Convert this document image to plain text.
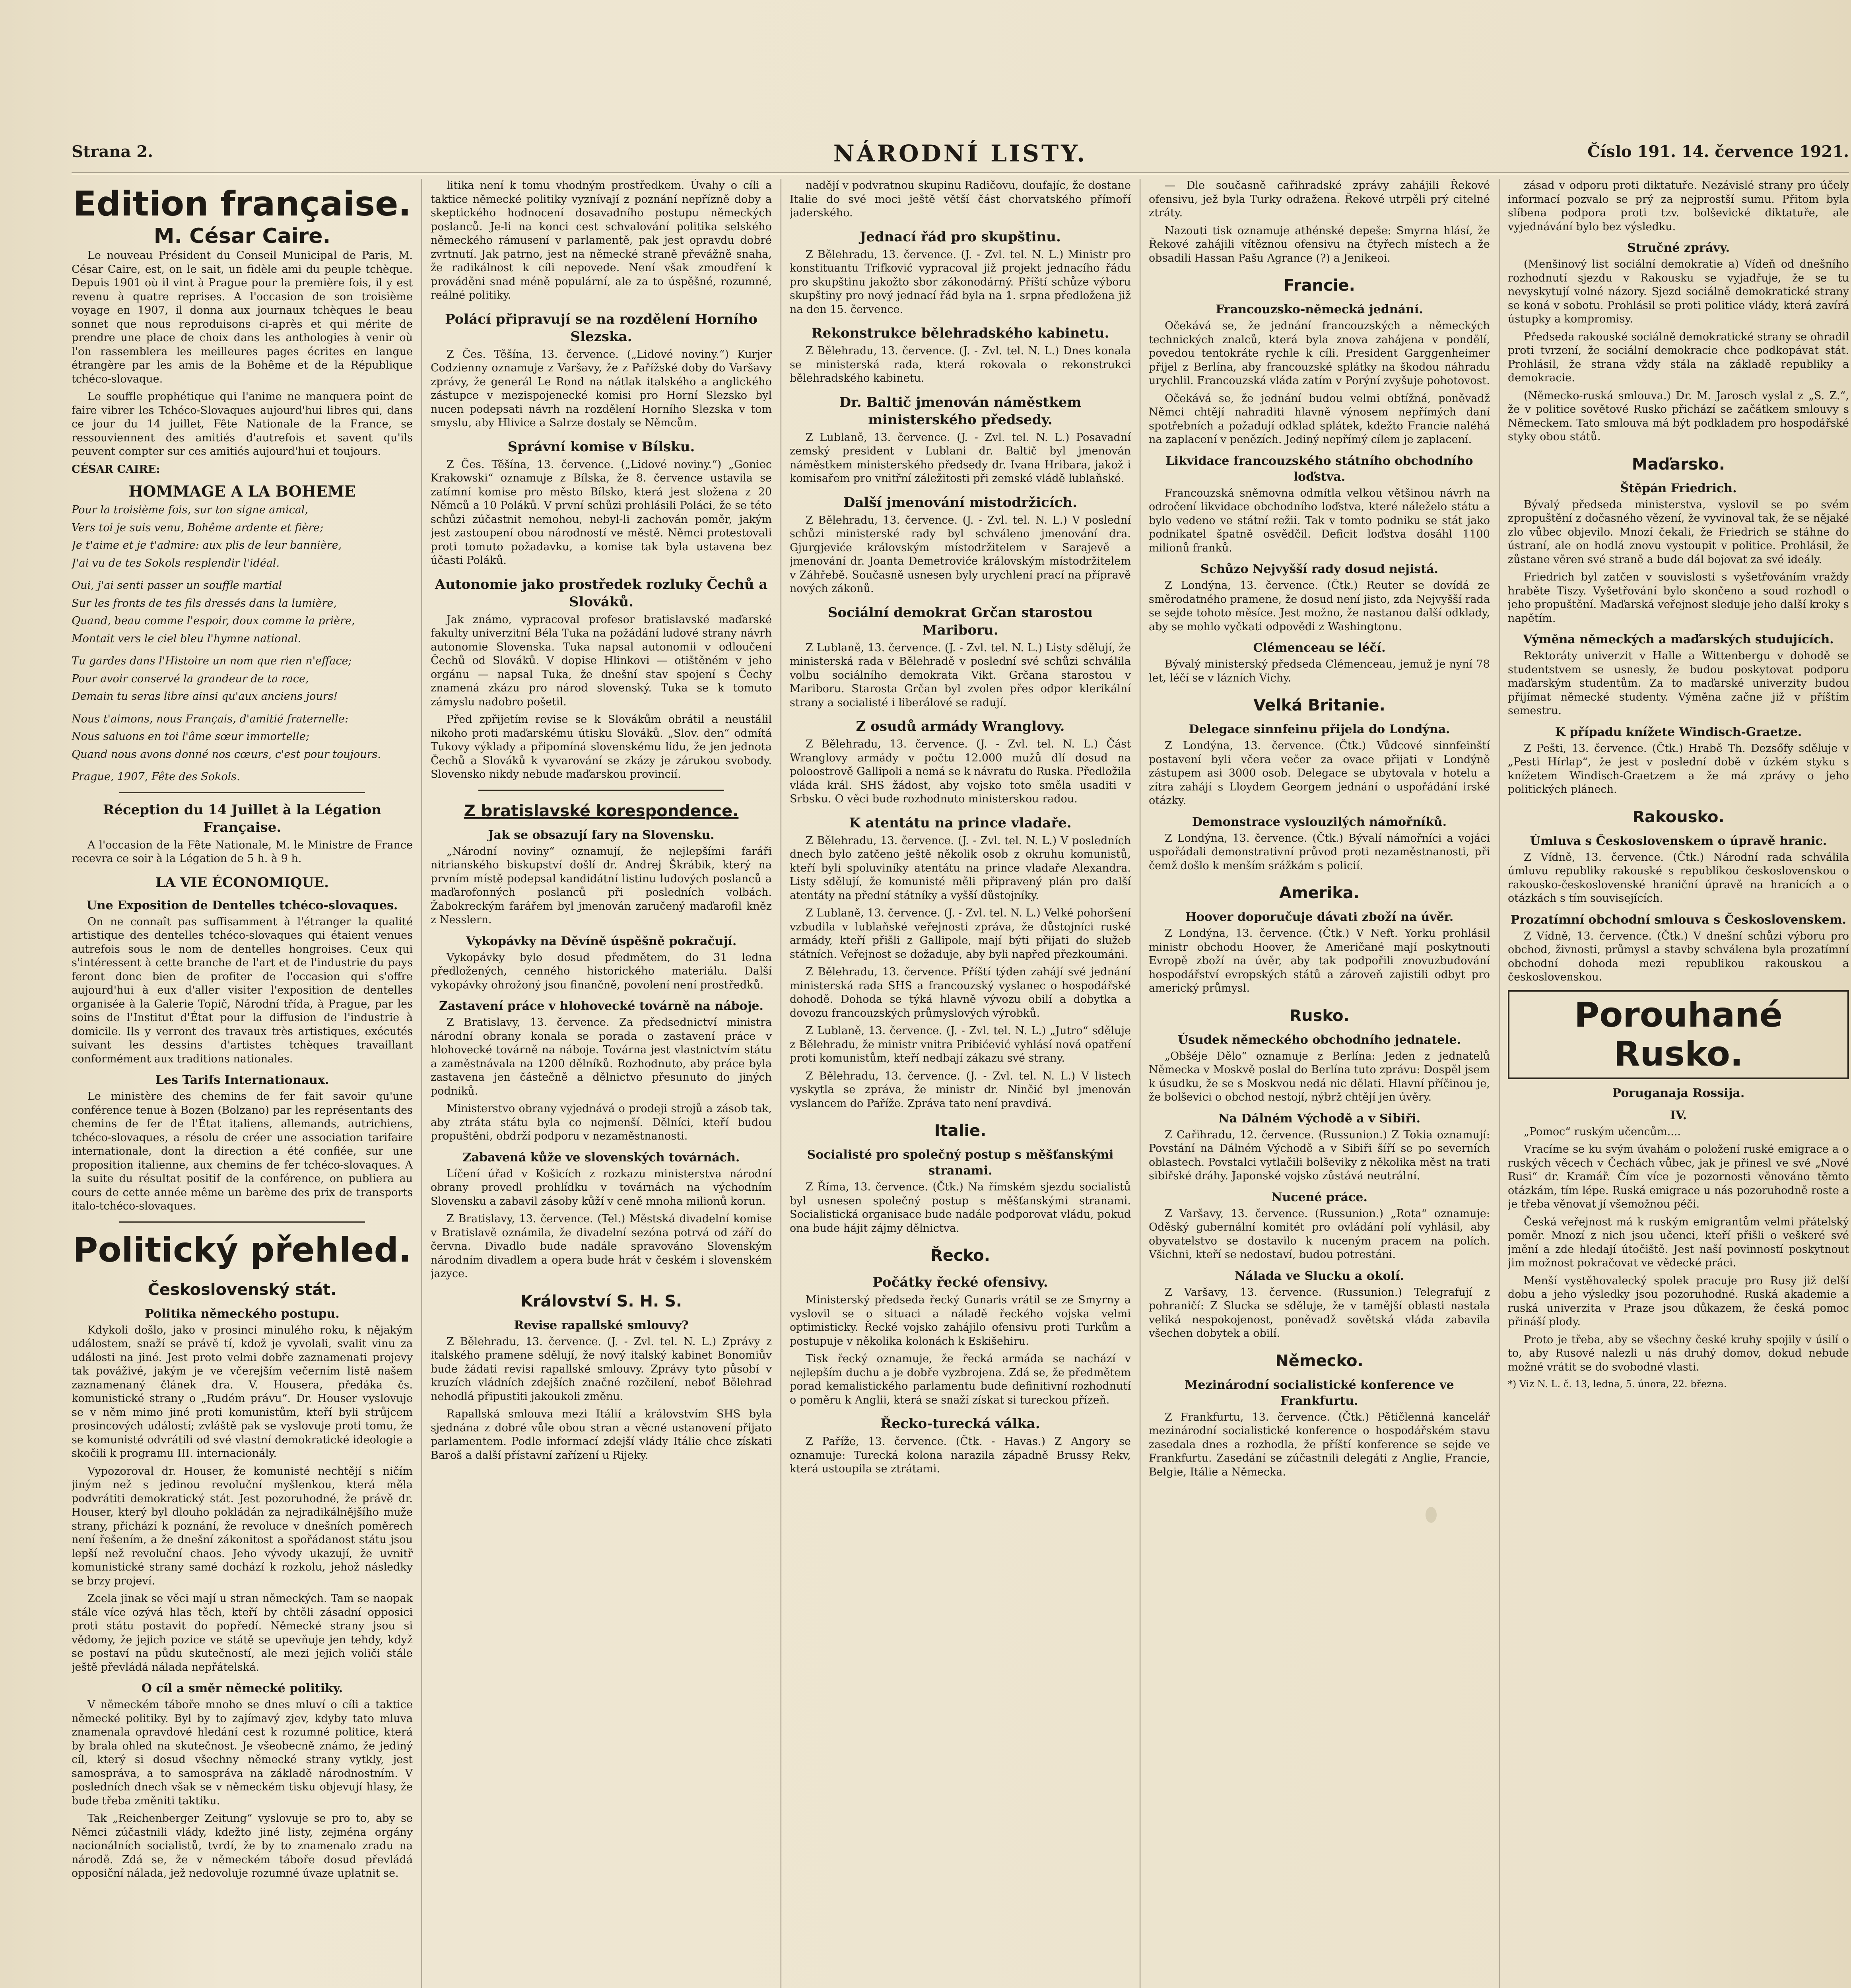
Strana 2.	NÁRODNÍ LISTY.	Číslo 191. 14. července 1921.
Edition française.
M. César Caire.

Le nouveau Président du Conseil Municipal de Paris, M. César Caire, est, on le sait, un fidèle ami du peuple tchèque. Depuis 1901 où il vint à Prague pour la première fois, il y est revenu à quatre reprises. A l'occasion de son troisième voyage en 1907, il donna aux journaux tchèques le beau sonnet que nous reproduisons ci-après et qui mérite de prendre une place de choix dans les anthologies à venir où l'on rassemblera les meilleures pages écrites en langue étrangère par les amis de la Bohême et de la République tchéco-slovaque.

Le souffle prophétique qui l'anime ne manquera point de faire vibrer les Tchéco-Slovaques aujourd'hui libres qui, dans ce jour du 14 juillet, Fête Nationale de la France, se ressouviennent des amitiés d'autrefois et savent qu'ils peuvent compter sur ces amitiés aujourd'hui et toujours.

CÉSAR CAIRE:

HOMMAGE A LA BOHEME

Pour la troisième fois, sur ton signe amical,

Vers toi je suis venu, Bohême ardente et fière;

Je t'aime et je t'admire: aux plis de leur bannière,

J'ai vu de tes Sokols resplendir l'idéal.

Oui, j'ai senti passer un souffle martial

Sur les fronts de tes fils dressés dans la lumière,

Quand, beau comme l'espoir, doux comme la prière,

Montait vers le ciel bleu l'hymne national.

Tu gardes dans l'Histoire un nom que rien n'efface;

Pour avoir conservé la grandeur de ta race,

Demain tu seras libre ainsi qu'aux anciens jours!

Nous t'aimons, nous Français, d'amitié fraternelle:

Nous saluons en toi l'âme sœur immortelle;

Quand nous avons donné nos cœurs, c'est pour toujours.

Prague, 1907, Fête des Sokols.

Réception du 14 Juillet à la Légation Française.

A l'occasion de la Fête Nationale, M. le Ministre de France recevra ce soir à la Légation de 5 h. à 9 h.

LA VIE ÉCONOMIQUE.
Une Exposition de Dentelles tchéco-slovaques.

On ne connaît pas suffisamment à l'étranger la qualité artistique des dentelles tchéco-slovaques qui étaient venues autrefois sous le nom de dentelles hongroises. Ceux qui s'intéressent à cette branche de l'art et de l'industrie du pays feront donc bien de profiter de l'occasion qui s'offre aujourd'hui à eux d'aller visiter l'exposition de dentelles organisée à la Galerie Topič, Národní třída, à Prague, par les soins de l'Institut d'État pour la diffusion de l'industrie à domicile. Ils y verront des travaux très artistiques, exécutés suivant les dessins d'artistes tchèques travaillant conformément aux traditions nationales.

Les Tarifs Internationaux.

Le ministère des chemins de fer fait savoir qu'une conférence tenue à Bozen (Bolzano) par les représentants des chemins de fer de l'État italiens, allemands, autrichiens, tchéco-slovaques, a résolu de créer une association tarifaire internationale, dont la direction a été confiée, sur une proposition italienne, aux chemins de fer tchéco-slovaques. A la suite du résultat positif de la conférence, on publiera au cours de cette année même un barème des prix de transports italo-tchéco-slovaques.

Politický přehled.
Československý stát.
Politika německého postupu.

Kdykoli došlo, jako v prosinci minulého roku, k nějakým událostem, snaží se právě tí, kdož je vyvolali, svalit vinu za události na jiné. Jest proto velmi dobře zaznamenati projevy tak pováživé, jakým je ve včerejším večerním listě našem zaznamenaný článek dra. V. Housera, předáka čs. komunistické strany o „Rudém právu“. Dr. Houser vyslovuje se v něm mimo jiné proti komunistům, kteří byli strůjcem prosincových událostí; zvláště pak se vyslovuje proti tomu, že se komunisté odvrátili od své vlastní demokratické ideologie a skočili k programu III. internacionály.

Vypozoroval dr. Houser, že komunisté nechtějí s ničím jiným než s jedinou revoluční myšlenkou, která měla podvrátiti demokratický stát. Jest pozoruhodné, že právě dr. Houser, který byl dlouho pokládán za nejradikálnějšího muže strany, přichází k poznání, že revoluce v dnešních poměrech není řešením, a že dnešní zákonitost a spořádanost státu jsou lepší než revoluční chaos. Jeho vývody ukazují, že uvnitř komunistické strany samé dochází k rozkolu, jehož následky se brzy projeví.

Zcela jinak se věci mají u stran německých. Tam se naopak stále více ozývá hlas těch, kteří by chtěli zásadní opposici proti státu postavit do popředí. Německé strany jsou si vědomy, že jejich pozice ve státě se upevňuje jen tehdy, když se postaví na půdu skutečností, ale mezi jejich voliči stále ještě převládá nálada nepřátelská.

O cíl a směr německé politiky.

V německém táboře mnoho se dnes mluví o cíli a taktice německé politiky. Byl by to zajímavý zjev, kdyby tato mluva znamenala opravdové hledání cest k rozumné politice, která by brala ohled na skutečnost. Je všeobecně známo, že jediný cíl, který si dosud všechny německé strany vytkly, jest samospráva, a to samospráva na základě národnostním. V posledních dnech však se v německém tisku objevují hlasy, že bude třeba změniti taktiku.

Tak „Reichenberger Zeitung“ vyslovuje se pro to, aby se Němci zúčastnili vlády, kdežto jiné listy, zejména orgány nacionálních socialistů, tvrdí, že by to znamenalo zradu na národě. Zdá se, že v německém táboře dosud převládá opposiční nálada, jež nedovoluje rozumné úvaze uplatnit se.

litika není k tomu vhodným prostředkem. Úvahy o cíli a taktice německé politiky vyznívají z poznání nepřízně doby a skeptického hodnocení dosavadního postupu německých poslanců. Je-li na konci cest schvalování politika selského německého rámusení v parlamentě, pak jest opravdu dobré zvrtnutí. Jak patrno, jest na německé straně převážně snaha, že radikálnost k cíli nepovede. Není však zmoudření k prováděni snad méně populární, ale za to úspěšné, rozumné, reálné politiky.

Polácí připravují se na rozdělení Horního Slezska.

Z Čes. Těšína, 13. července. („Lidové noviny.“) Kurjer Codzienny oznamuje z Varšavy, že z Pařížské doby do Varšavy zprávy, že generál Le Rond na nátlak italského a anglického zástupce v mezispojenecké komisi pro Horní Slezsko byl nucen podepsati návrh na rozdělení Horního Slezska v tom smyslu, aby Hlivice a Salrze dostaly se Němcům.

Správní komise v Bílsku.

Z Čes. Těšína, 13. července. („Lidové noviny.“) „Goniec Krakowski“ oznamuje z Bílska, že 8. července ustavila se zatímní komise pro město Bílsko, která jest složena z 20 Němců a 10 Poláků. V první schůzi prohlásili Poláci, že se této schůzi zúčastnit nemohou, nebyl-li zachován poměr, jakým jest zastoupení obou národností ve městě. Němci protestovali proti tomuto požadavku, a komise tak byla ustavena bez účasti Poláků.

Autonomie jako prostředek rozluky Čechů a Slováků.

Jak známo, vypracoval profesor bratislavské maďarské fakulty univerzitní Béla Tuka na požádání ludové strany návrh autonomie Slovenska. Tuka napsal autonomii v odloučení Čechů od Slováků. V dopise Hlinkovi — otištěném v jeho orgánu — napsal Tuka, že dnešní stav spojení s Čechy znamená zkázu pro národ slovenský. Tuka se k tomuto zámyslu nadobro pošetil.

Před zpřijetím revise se k Slovákům obrátil a neustálil nikoho proti maďarskému útisku Slováků. „Slov. den“ odmítá Tukovy výklady a připomíná slovenskému lidu, že jen jednota Čechů a Slováků k vyvarování se zkázy je zárukou svobody. Slovensko nikdy nebude maďarskou provincií.

Z bratislavské korespondence.
Jak se obsazují fary na Slovensku.

„Národní noviny“ oznamují, že nejlepšími faráři nitrianského biskupství došlí dr. Andrej Škrábik, který na prvním místě podepsal kandidátní listinu ludových poslanců a maďarofonných poslanců při posledních volbách. Žabokreckým farářem byl jmenován zaručený maďarofil kněz z Nesslern.

Vykopávky na Děvíně úspěšně pokračují.

Vykopávky bylo dosud předmětem, do 31 ledna předložených, cenného historického materiálu. Další vykopávky ohrožoný jsou finančně, povolení není prostředků.

Zastavení práce v hlohovecké továrně na náboje.

Z Bratislavy, 13. července. Za předsednictví ministra národní obrany konala se porada o zastavení práce v hlohovecké továrně na náboje. Továrna jest vlastnictvím státu a zaměstnávala na 1200 dělníků. Rozhodnuto, aby práce byla zastavena jen částečně a dělnictvo přesunuto do jiných podniků.

Ministerstvo obrany vyjednává o prodeji strojů a zásob tak, aby ztráta státu byla co nejmenší. Dělníci, kteří budou propuštěni, obdrží podporu v nezaměstnanosti.

Zabavená kůže ve slovenských továrnách.

Líčení úřad v Košicích z rozkazu ministerstva národní obrany provedl prohlídku v továrnách na východním Slovensku a zabavil zásoby kůží v ceně mnoha milionů korun.

Z Bratislavy, 13. července. (Tel.) Městská divadelní komise v Bratislavě oznámila, že divadelní sezóna potrvá od září do června. Divadlo bude nadále spravováno Slovenským národním divadlem a opera bude hrát v českém i slovenském jazyce.

Království S. H. S.
Revise rapallské smlouvy?

Z Bělehradu, 13. července. (J. - Zvl. tel. N. L.) Zprávy z italského pramene sdělují, že nový italský kabinet Bonomiův bude žádati revisi rapallské smlouvy. Zprávy tyto působí v kruzích vládních zdejších značné rozčilení, neboť Bělehrad nehodlá připustiti jakoukoli změnu.

Rapallská smlouva mezi Itálií a královstvím SHS byla sjednána z dobré vůle obou stran a věcné ustanovení přijato parlamentem. Podle informací zdejší vlády Itálie chce získati Baroš a další přístavní zařízení u Rijeky.

nadějí v podvratnou skupinu Radičovu, doufajíc, že dostane Italie do své moci ještě větší část chorvatského přímoří jaderského.

Jednací řád pro skupštinu.

Z Bělehradu, 13. července. (J. - Zvl. tel. N. L.) Ministr pro konstituantu Trifković vypracoval již projekt jednacího řádu pro skupštinu jakožto sbor zákonodárný. Příští schůze výboru skupštiny pro nový jednací řád byla na 1. srpna předložena již na den 15. července.

Rekonstrukce bělehradského kabinetu.

Z Bělehradu, 13. července. (J. - Zvl. tel. N. L.) Dnes konala se ministerská rada, která rokovala o rekonstrukci bělehradského kabinetu.

Dr. Baltič jmenován náměstkem ministerského předsedy.

Z Lublaně, 13. července. (J. - Zvl. tel. N. L.) Posavadní zemský president v Lublani dr. Baltič byl jmenován náměstkem ministerského předsedy dr. Ivana Hribara, jakož i komisařem pro vnitřní záležitosti při zemské vládě lublaňské.

Další jmenování mistodržicích.

Z Bělehradu, 13. července. (J. - Zvl. tel. N. L.) V poslední schůzi ministerské rady byl schváleno jmenování dra. Gjurgjeviće královským místodržitelem v Sarajevě a jmenování dr. Joanta Demetroviće královským místodržitelem v Záhřebě. Současně usnesen byly urychlení prací na přípravě nových zákonů.

Sociální demokrat Grčan starostou Mariboru.

Z Lublaně, 13. července. (J. - Zvl. tel. N. L.) Listy sdělují, že ministerská rada v Bělehradě v poslední své schůzi schválila volbu sociálního demokrata Vikt. Grčana starostou v Mariboru. Starosta Grčan byl zvolen přes odpor klerikální strany a socialisté i liberálové se radují.

Z osudů armády Wranglovy.

Z Bělehradu, 13. července. (J. - Zvl. tel. N. L.) Část Wranglovy armády v počtu 12.000 mužů dlí dosud na poloostrově Gallipoli a nemá se k návratu do Ruska. Předložila vláda král. SHS žádost, aby vojsko toto směla usaditi v Srbsku. O věci bude rozhodnuto ministerskou radou.

K atentátu na prince vladaře.

Z Bělehradu, 13. července. (J. - Zvl. tel. N. L.) V posledních dnech bylo zatčeno ještě několik osob z okruhu komunistů, kteří byli spoluviníky atentátu na prince vladaře Alexandra. Listy sdělují, že komunisté měli připravený plán pro další atentáty na přední státníky a vyšší důstojníky.

Z Lublaně, 13. července. (J. - Zvl. tel. N. L.) Velké pohoršení vzbudila v lublaňské veřejnosti zpráva, že důstojníci ruské armády, kteří přišli z Gallipole, mají býti přijati do služeb státních. Veřejnost se dožaduje, aby byli napřed přezkoumáni.

Z Bělehradu, 13. července. Příští týden zahájí své jednání ministerská rada SHS a francouzský vyslanec o hospodářské dohodě. Dohoda se týká hlavně vývozu obilí a dobytka a dovozu francouzských průmyslových výrobků.

Z Lublaně, 13. července. (J. - Zvl. tel. N. L.) „Jutro“ sděluje z Bělehradu, že ministr vnitra Pribićević vyhlásí nová opatření proti komunistům, kteří nedbají zákazu své strany.

Z Bělehradu, 13. července. (J. - Zvl. tel. N. L.) V listech vyskytla se zpráva, že ministr dr. Ninčić byl jmenován vyslancem do Paříže. Zpráva tato není pravdivá.

Italie.
Socialisté pro společný postup s měšťanskými stranami.

Z Říma, 13. července. (Čtk.) Na římském sjezdu socialistů byl usnesen společný postup s měšťanskými stranami. Socialistická organisace bude nadále podporovat vládu, pokud ona bude hájit zájmy dělnictva.

Řecko.
Počátky řecké ofensivy.

Ministerský předseda řecký Gunaris vrátil se ze Smyrny a vyslovil se o situaci a náladě řeckého vojska velmi optimisticky. Řecké vojsko zahájilo ofensivu proti Turkům a postupuje v několika kolonách k Eskišehiru.

Tisk řecký oznamuje, že řecká armáda se nachází v nejlepším duchu a je dobře vyzbrojena. Zdá se, že předmětem porad kemalistického parlamentu bude definitivní rozhodnutí o poměru k Anglii, která se snaží získat si tureckou přízeň.

Řecko-turecká válka.

Z Paříže, 13. července. (Čtk. - Havas.) Z Angory se oznamuje: Turecká kolona narazila západně Brussy Rekv, která ustoupila se ztrátami.

— Dle současně cařihradské zprávy zahájili Řekové ofensivu, jež byla Turky odražena. Řekové utrpěli prý citelné ztráty.

Nazouti tisk oznamuje athénské depeše: Smyrna hlásí, že Řekové zahájili vítěznou ofensivu na čtyřech místech a že obsadili Hassan Pašu Agrance (?) a Jenikeoi.

Francie.
Francouzsko-německá jednání.

Očekává se, že jednání francouzských a německých technických znalců, která byla znova zahájena v pondělí, povedou tentokráte rychle k cíli. President Garggenheimer přijel z Berlína, aby francouzské splátky na škodou náhradu urychlil. Francouzská vláda zatím v Porýní zvyšuje pohotovost.

Očekává se, že jednání budou velmi obtížná, poněvadž Němci chtějí nahraditi hlavně výnosem nepřímých daní spotřebních a požadují odklad splátek, kdežto Francie naléhá na zaplacení v penězích. Jediný nepřímý cílem je zaplacení.

Likvidace francouzského státního obchodního loďstva.

Francouzská sněmovna odmítla velkou většinou návrh na odročení likvidace obchodního loďstva, které náleželo státu a bylo vedeno ve státní režii. Tak v tomto podniku se stát jako podnikatel špatně osvědčil. Deficit loďstva dosáhl 1100 milionů franků.

Schůzo Nejvyšší rady dosud nejistá.

Z Londýna, 13. července. (Čtk.) Reuter se dovídá ze směrodatného pramene, že dosud není jisto, zda Nejvyšší rada se sejde tohoto měsíce. Jest možno, že nastanou další odklady, aby se mohlo vyčkati odpovědi z Washingtonu.

Clémenceau se léčí.

Bývalý ministerský předseda Clémenceau, jemuž je nyní 78 let, léčí se v lázních Vichy.

Velká Britanie.
Delegace sinnfeinu přijela do Londýna.

Z Londýna, 13. července. (Čtk.) Vůdcové sinnfeinští postavení byli včera večer za ovace přijati v Londýně zástupem asi 3000 osob. Delegace se ubytovala v hotelu a zítra zahájí s Lloydem Georgem jednání o uspořádání irské otázky.

Demonstrace vyslouzilých námořníků.

Z Londýna, 13. července. (Čtk.) Bývalí námořníci a vojáci uspořádali demonstrativní průvod proti nezaměstnanosti, při čemž došlo k menším srážkám s policií.

Amerika.
Hoover doporučuje dávati zboží na úvěr.

Z Londýna, 13. července. (Čtk.) V Neft. Yorku prohlásil ministr obchodu Hoover, že Američané mají poskytnouti Evropě zboží na úvěr, aby tak podpořili znovuzbudování hospodářství evropských států a zároveň zajistili odbyt pro americký průmysl.

Rusko.
Úsudek německého obchodního jednatele.

„Obšéje Dělo“ oznamuje z Berlína: Jeden z jednatelů Německa v Moskvě poslal do Berlína tuto zprávu: Dospěl jsem k úsudku, že se s Moskvou nedá nic dělati. Hlavní příčinou je, že bolševici o obchod nestojí, nýbrž chtějí jen úvěry.

Na Dálném Východě a v Sibiři.

Z Cařihradu, 12. července. (Russunion.) Z Tokia oznamují: Povstání na Dálném Východě a v Sibiři šíří se po severních oblastech. Povstalci vytlačili bolševiky z několika měst na trati sibiřské dráhy. Japonské vojsko zůstává neutrální.

Nucené práce.

Z Varšavy, 13. července. (Russunion.) „Rota“ oznamuje: Oděský gubernální komitét pro ovládání polí vyhlásil, aby obyvatelstvo se dostavilo k nuceným pracem na polích. Všichni, kteří se nedostaví, budou potrestáni.

Nálada ve Slucku a okolí.

Z Varšavy, 13. července. (Russunion.) Telegrafují z pohraničí: Z Slucka se sděluje, že v tamější oblasti nastala veliká nespokojenost, poněvadž sovětská vláda zabavila všechen dobytek a obilí.

Německo.
Mezinárodní socialistické konference ve Frankfurtu.

Z Frankfurtu, 13. července. (Čtk.) Pětičlenná kancelář mezinárodní socialistické konference o hospodářském stavu zasedala dnes a rozhodla, že příští konference se sejde ve Frankfurtu. Zasedání se zúčastnili delegáti z Anglie, Francie, Belgie, Itálie a Německa.

zásad v odporu proti diktatuře. Nezávislé strany pro účely informací pozvalo se prý za nejprostší sumu. Přitom byla slíbena podpora proti tzv. bolševické diktatuře, ale vyjednávání bylo bez výsledku.

Stručné zprávy.

(Menšinový list sociální demokratie a) Vídeň od dnešního rozhodnutí sjezdu v Rakousku se vyjadřuje, že se tu nevyskytují volné názory. Sjezd sociálně demokratické strany se koná v sobotu. Prohlásil se proti politice vlády, která zavírá ústupky a kompromisy.

Předseda rakouské sociálně demokratické strany se ohradil proti tvrzení, že sociální demokracie chce podkopávat stát. Prohlásil, že strana vždy stála na základě republiky a demokracie.

(Německo-ruská smlouva.) Dr. M. Jarosch vyslal z „S. Z.“, že v politice sovětové Rusko přichází se začátkem smlouvy s Německem. Tato smlouva má být podkladem pro hospodářské styky obou států.

Maďarsko.
Štěpán Friedrich.

Bývalý předseda ministerstva, vyslovil se po svém zpropuštění z dočasného vězení, že vyvinoval tak, že se nějaké zlo vůbec objevilo. Mnozí čekali, že Friedrich se stáhne do ústraní, ale on hodlá znovu vystoupit v politice. Prohlásil, že zůstane věren své straně a bude dál bojovat za své ideály.

Friedrich byl zatčen v souvislosti s vyšetřováním vraždy hraběte Tiszy. Vyšetřování bylo skončeno a soud rozhodl o jeho propuštění. Maďarská veřejnost sleduje jeho další kroky s napětím.

Výměna německých a maďarských studujících.

Rektoráty univerzit v Halle a Wittenbergu v dohodě se studentstvem se usnesly, že budou poskytovat podporu maďarským studentům. Za to maďarské univerzity budou přijímat německé studenty. Výměna začne již v příštím semestru.

K případu knížete Windisch-Graetze.

Z Pešti, 13. července. (Čtk.) Hrabě Th. Dezsőfy sděluje v „Pesti Hírlap“, že jest v poslední době v úzkém styku s knížetem Windisch-Graetzem a že má zprávy o jeho politických plánech.

Rakousko.
Úmluva s Československem o úpravě hranic.

Z Vídně, 13. července. (Čtk.) Národní rada schválila úmluvu republiky rakouské s republikou československou o rakousko-československé hraniční úpravě na hranicích a o otázkách s tím souvisejících.

Prozatímní obchodní smlouva s Československem.

Z Vídně, 13. července. (Čtk.) V dnešní schůzi výboru pro obchod, živnosti, průmysl a stavby schválena byla prozatímní obchodní dohoda mezi republikou rakouskou a československou.

Porouhané Rusko.
Poruganaja Rossija.
IV.

„Pomoc“ ruským učencům....

Vracíme se ku svým úvahám o položení ruské emigrace a o ruských věcech v Čechách vůbec, jak je přinesl ve své „Nové Rusi“ dr. Kramář. Čím více je pozornosti věnováno těmto otázkám, tím lépe. Ruská emigrace u nás pozoruhodně roste a je třeba věnovat jí všemožnou péči.

Česká veřejnost má k ruským emigrantům velmi přátelský poměr. Mnozí z nich jsou učenci, kteří přišli o veškeré své jmění a zde hledají útočiště. Jest naší povinností poskytnout jim možnost pokračovat ve vědecké práci.

Menší vystěhovalecký spolek pracuje pro Rusy již delší dobu a jeho výsledky jsou pozoruhodné. Ruská akademie a ruská univerzita v Praze jsou důkazem, že česká pomoc přináší plody.

Proto je třeba, aby se všechny české kruhy spojily v úsilí o to, aby Rusové nalezli u nás druhý domov, dokud nebude možné vrátit se do svobodné vlasti.

*) Viz N. L. č. 13, ledna, 5. února, 22. března.
